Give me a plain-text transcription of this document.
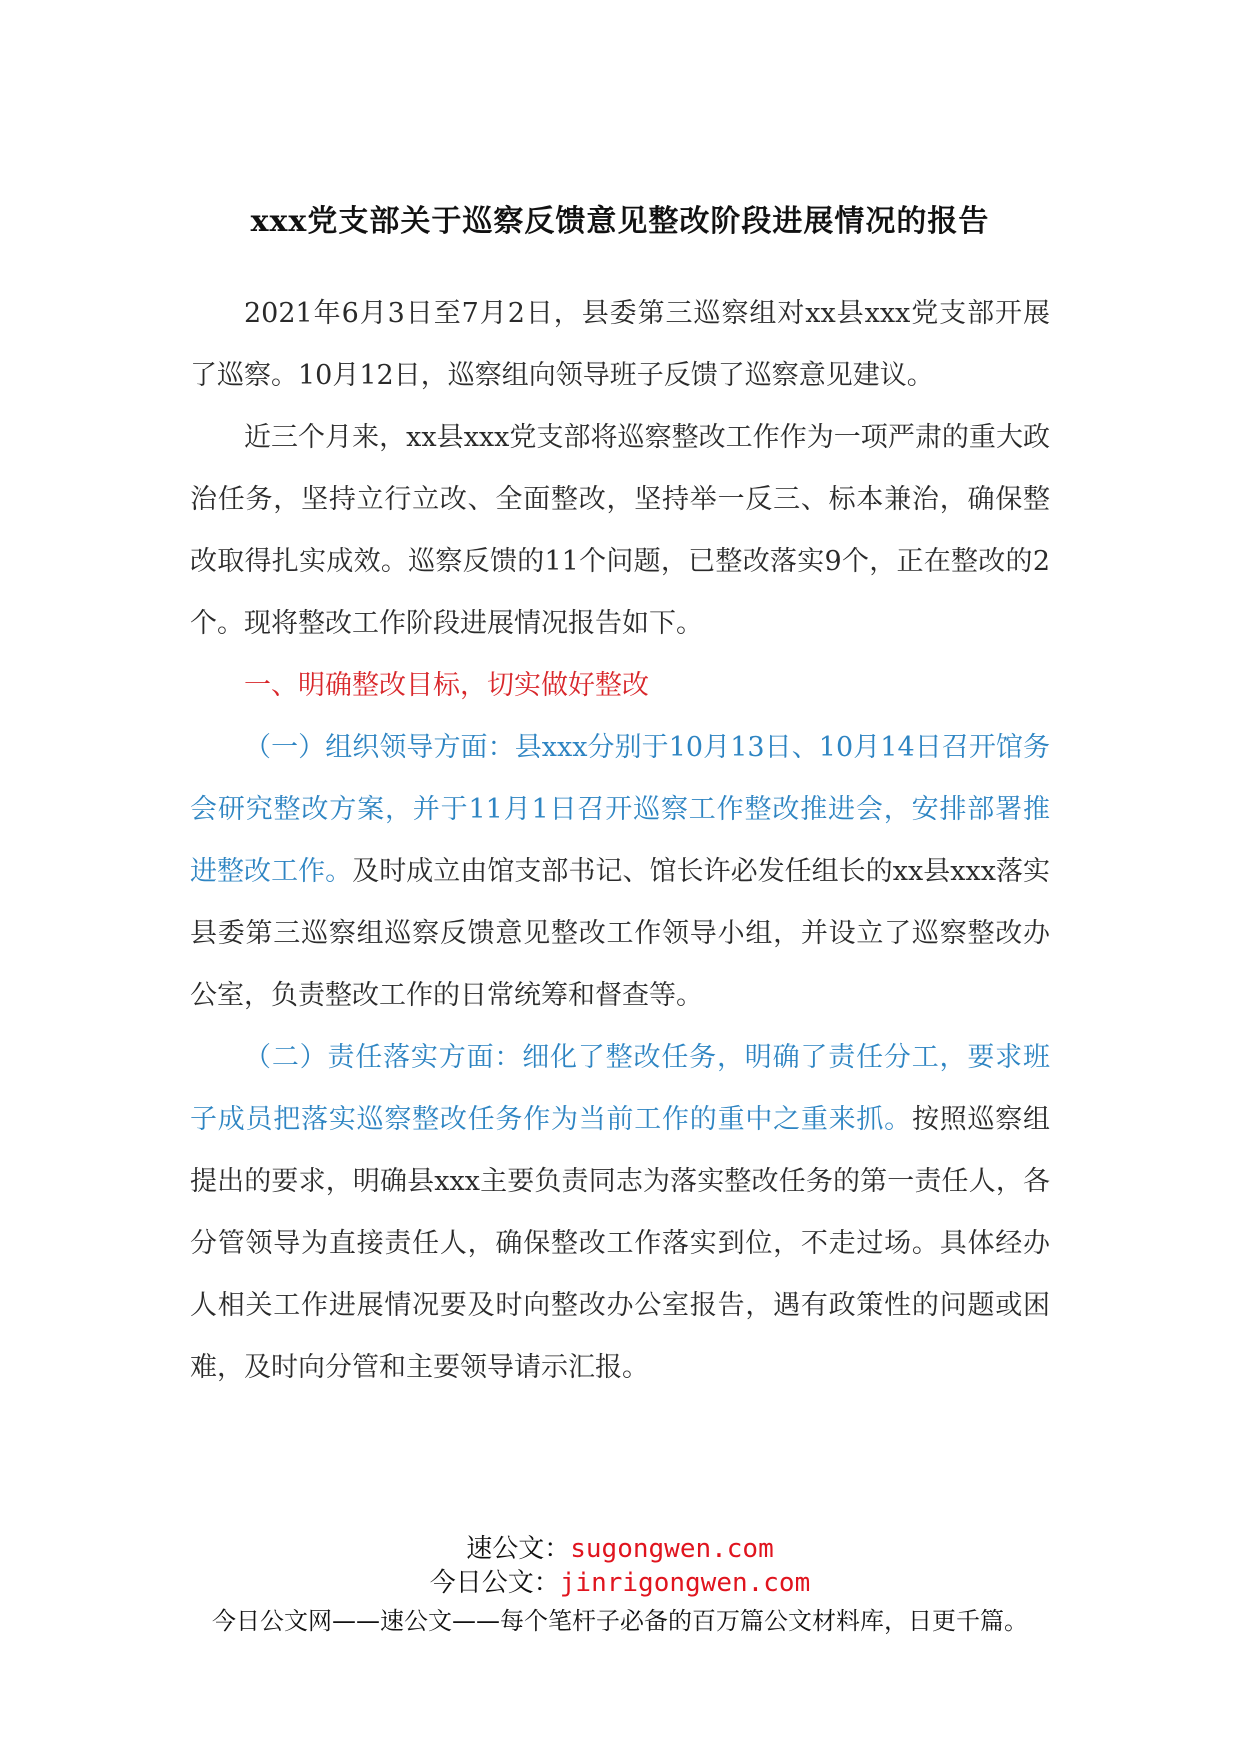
xxx党支部关于巡察反馈意见整改阶段进展情况的报告

2021年6月3日至7月2日，县委第三巡察组对xx县xxx党支部开展了巡察。10月12日，巡察组向领导班子反馈了巡察意见建议。

近三个月来，xx县xxx党支部将巡察整改工作作为一项严肃的重大政治任务，坚持立行立改、全面整改，坚持举一反三、标本兼治，确保整改取得扎实成效。巡察反馈的11个问题，已整改落实9个，正在整改的2个。现将整改工作阶段进展情况报告如下。

一、明确整改目标，切实做好整改

（一）组织领导方面：县xxx分别于10月13日、10月14日召开馆务会研究整改方案，并于11月1日召开巡察工作整改推进会，安排部署推进整改工作。及时成立由馆支部书记、馆长许必发任组长的xx县xxx落实县委第三巡察组巡察反馈意见整改工作领导小组，并设立了巡察整改办公室，负责整改工作的日常统筹和督查等。

（二）责任落实方面：细化了整改任务，明确了责任分工，要求班子成员把落实巡察整改任务作为当前工作的重中之重来抓。按照巡察组提出的要求，明确县xxx主要负责同志为落实整改任务的第一责任人，各分管领导为直接责任人，确保整改工作落实到位，不走过场。具体经办人相关工作进展情况要及时向整改办公室报告，遇有政策性的问题或困难，及时向分管和主要领导请示汇报。

速公文：sugongwen.com
今日公文：jinrigongwen.com
今日公文网——速公文——每个笔杆子必备的百万篇公文材料库，日更千篇。
